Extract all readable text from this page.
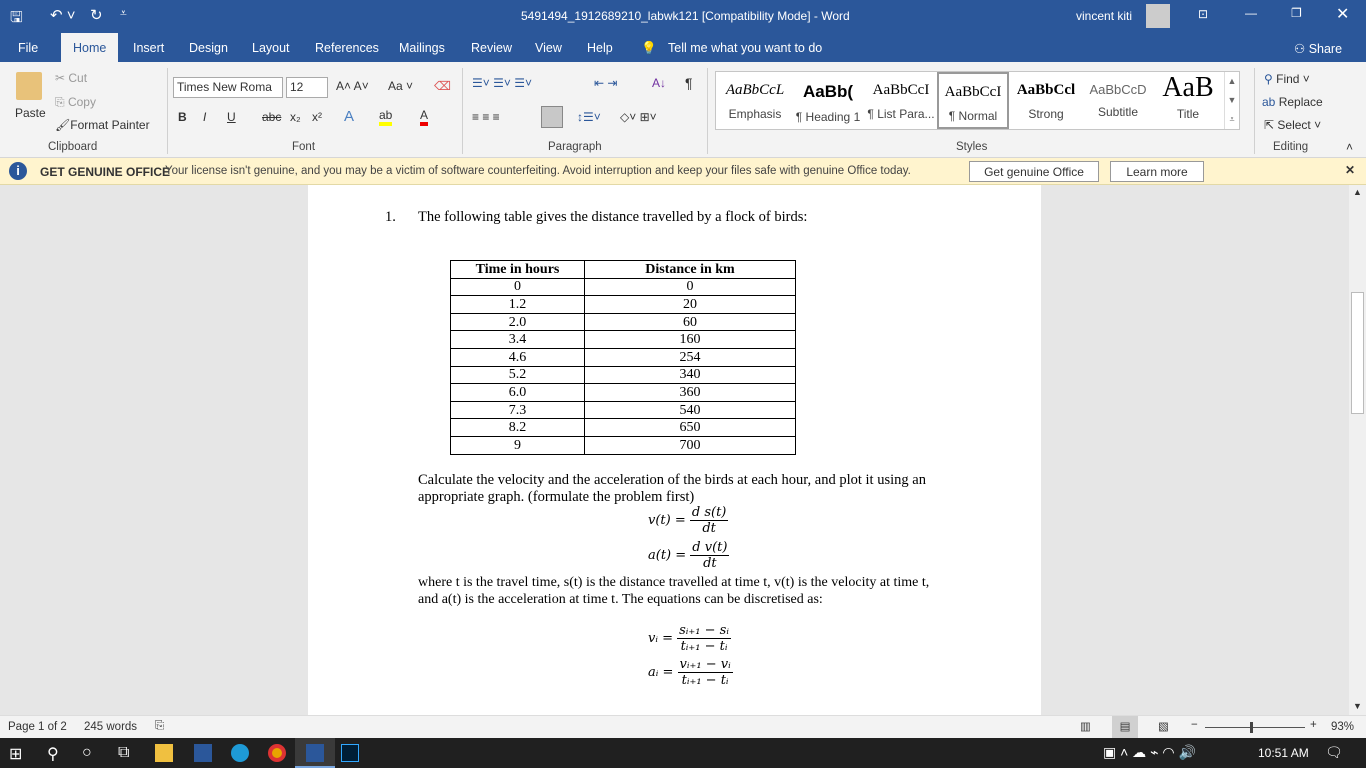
🖫 ↶ ˅ ↻ ⩡	5491494_1912689210_labwk121 [Compatibility Mode] - Word	vincent kiti	⊡	—	❐ ✕
File	Home	Insert Design Layout References Mailings Review View Help 💡 Tell me what you want to do	⚇ Share
Paste
✂ Cut
⎘ Copy
🖌Format Painter
Clipboard
Times New Roma	12	A˄ A˅ Aa ˅ ⌫
B I U abc x₂ x² A ab A
Font
☰˅ ☰˅ ☰˅	⇤ ⇥	A↓ ¶
≡ ≡ ≡	↕☰˅ ◇˅ ⊞˅
Paragraph
AaBbCcL
Emphasis
AaBb(
¶ Heading 1
AaBbCcI
¶ List Para...
AaBbCcI
¶ Normal
AaBbCcl
Strong
AaBbCcD
Subtitle
AaB
Title
▲
▼
⩡
Styles
⚲ Find ˅
ab Replace
⇱ Select ˅
Editing	˄
i	GET GENUINE OFFICE
Your license isn't genuine, and you may be a victim of software counterfeiting. Avoid interruption and keep your files safe with genuine Office today.	Get genuine Office	Learn more	✕
1. The following table gives the distance travelled by a flock of birds:
Time in hours	Distance in km
0	0
1.2	20
2.0	60
3.4	160
4.6	254
5.2	340
6.0	360
7.3	540
8.2	650
9	700
Calculate the velocity and the acceleration of the birds at each hour, and plot it using an
appropriate graph. (formulate the problem first)
$v(t) = \frac{\text{d s(t)}}{dt}$
$a(t) = \frac{\text{d v(t)}}{dt}$
where t is the travel time, s(t) is the distance travelled at time t, v(t) is the velocity at time t,
and a(t) is the acceleration at time t. The equations can be discretised as:
vᵢ = $\frac{\text{sᵢ₊₁ − sᵢ}}{\text{tᵢ₊₁ − tᵢ}}$
aᵢ = $\frac{\text{vᵢ₊₁ − vᵢ}}{\text{tᵢ₊₁ − tᵢ}}$
▲
▼
Page 1 of 2 245 words ⎘	▥	▤	▧ −	+ 93%
⊞ ⚲	○	⧉	▣ ˄ ☁ ⌁ ◠ 🔊	10:51 AM 🗨
